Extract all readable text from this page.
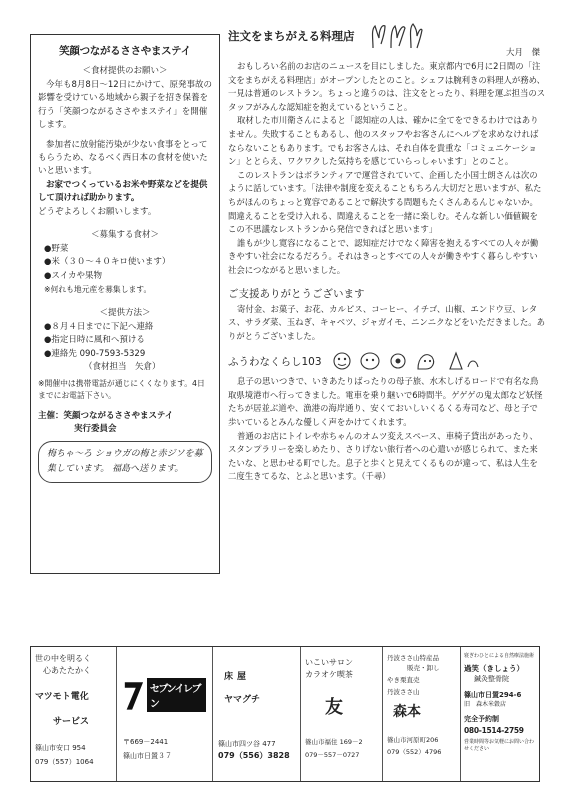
笑顔つながるささやまステイ
＜食材提供のお願い＞
今年も8月8日～12日にかけて、原発事故の影響を受けている地域から親子を招き保養を行う「笑顔つながるささやまステイ」を開催します。
参加者に放射能汚染が少ない食事をとってもらうため、なるべく西日本の食材を使いたいと思います。
お家でつくっているお米や野菜などを提供して頂ければ助かります。
どうぞよろしくお願いします。
＜募集する食材＞
●野菜
●米（３０～４０キロ使います）
●スイカや果物
※何れも地元産を募集します。
＜提供方法＞
●８月４日までに下記へ連絡
●指定日時に風和へ預ける
●連絡先 090-7593-5329
（食材担当　矢倉）
※開催中は携帯電話が通じにくくなります。4日までにお電話下さい。
主催：笑顔つながるささやまステイ
実行委員会
梅ちゃ～ろ ショウガの梅と赤ジソを募集しています。 福島へ送ります。
注文をまちがえる料理店
大月　傑

おもしろい名前のお店のニュースを目にしました。東京都内で6月に2日間の「注文をまちがえる料理店」がオープンしたとのこと。シェフは腕利きの料理人が務め、一見は普通のレストラン。ちょっと違うのは、注文をとったり、料理を運ぶ担当のスタッフがみんな認知症を抱えているということ。

取材した市川衛さんによると「認知症の人は、確かに全てをできるわけではありません。失敗することもあるし、他のスタッフやお客さんにヘルプを求めなければならないこともあります。でもお客さんは、それ自体を貴重な「コミュニケーション」ととらえ、ワクワクした気持ちを感じていらっしゃいます」とのこと。

このレストランはボランティアで運営されていて、企画した小国士朗さんは次のように話しています。「法律や制度を変えることもちろん大切だと思いますが、私たちがほんのちょっと寛容であることで解決する問題もたくさんあるんじゃないか。間違えることを受け入れる、間違えることを一緒に楽しむ。そんな新しい価値観をこの不思議なレストランから発信できればと思います」

誰もが少し寛容になることで、認知症だけでなく障害を抱えるすべての人々が働きやすい社会になるだろう。それはきっとすべての人々が働きやすく暮らしやすい社会につながると思いました。

ご支援ありがとうございます

寄付金、お菓子、お花、カルピス、コーヒー、イチゴ、山椒、エンドウ豆、レタス、サラダ菜、玉ねぎ、キャベツ、ジャガイモ、ニンニクなどをいただきました。ありがとうございました。

ふうわなくらし103

息子の思いつきで、いきあたりばったりの母子旅、水木しげるロードで有名な鳥取県境港市へ行ってきました。電車を乗り継いで6時間半。ゲゲゲの鬼太郎など妖怪たちが居並ぶ道や、漁港の海岸通り、安くておいしいくるくる寿司など、母と子で歩いているとみんな優しく声をかけてくれます。

普通のお店にトイレや赤ちゃんのオムツ変えスペース、車椅子貸出があったり、スタンプラリーを楽しめたり、さりげない旅行者への心遣いが感じられて、また来たいな、と思わせる町でした。息子と歩くと見えてくるものが違って、私は人生を二度生きてるな、とふと思います。（千尋）

世の中を明るく
心あたたかく
マツモト電化
サービス
篠山市安口 954
079（557）1064
セブンイレブン
〒669－2441
篠山市日置３７
床屋
ヤマグチ
篠山市四ツ谷 477
079（556）3828
いこいサロン
カラオケ喫茶
友
篠山市福住 169－2
079－557－0727
丹波ささ山特産品
販売・卸し
やき栗直売
丹波ささ山
森本
篠山市河原町206
079（552）4796
寝ぎわひとによる自然療法施術
過笑（きしょう）
鍼灸整骨院
篠山市日置294-6
旧　森木米穀店
完全予約制
080-1514-2759
営業時間等お気軽にお問い合わせください
